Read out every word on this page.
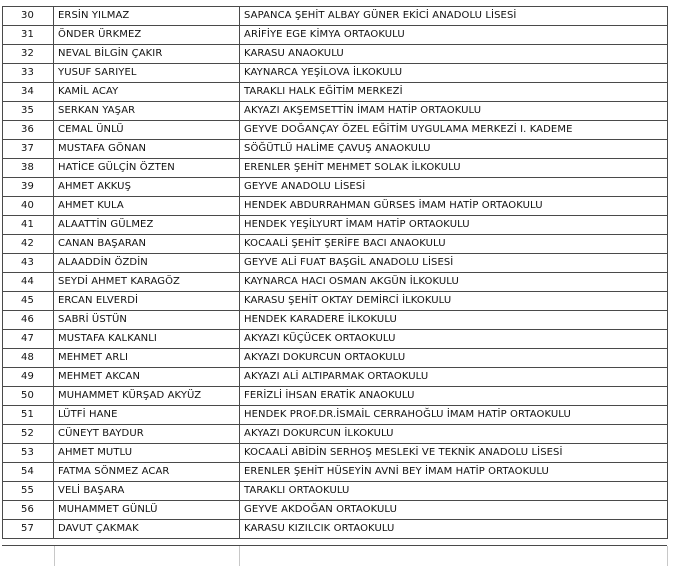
30	ERSİN YILMAZ	SAPANCA ŞEHİT ALBAY GÜNER EKİCİ ANADOLU LİSESİ
31	ÖNDER ÜRKMEZ	ARİFİYE EGE KİMYA ORTAOKULU
32	NEVAL BİLGİN ÇAKIR	KARASU ANAOKULU
33	YUSUF SARIYEL	KAYNARCA YEŞİLOVA İLKOKULU
34	KAMİL ACAY	TARAKLI HALK EĞİTİM MERKEZİ
35	SERKAN YAŞAR	AKYAZI AKŞEMSETTİN İMAM HATİP ORTAOKULU
36	CEMAL ÜNLÜ	GEYVE DOĞANÇAY ÖZEL EĞİTİM UYGULAMA MERKEZİ I. KADEME
37	MUSTAFA GÖNAN	SÖĞÜTLÜ HALİME ÇAVUŞ ANAOKULU
38	HATİCE GÜLÇİN ÖZTEN	ERENLER ŞEHİT MEHMET SOLAK İLKOKULU
39	AHMET AKKUŞ	GEYVE ANADOLU LİSESİ
40	AHMET KULA	HENDEK ABDURRAHMAN GÜRSES İMAM HATİP ORTAOKULU
41	ALAATTİN GÜLMEZ	HENDEK YEŞİLYURT İMAM HATİP ORTAOKULU
42	CANAN BAŞARAN	KOCAALİ ŞEHİT ŞERİFE BACI ANAOKULU
43	ALAADDİN ÖZDİN	GEYVE ALİ FUAT BAŞGİL ANADOLU LİSESİ
44	SEYDİ AHMET KARAGÖZ	KAYNARCA HACI OSMAN AKGÜN İLKOKULU
45	ERCAN ELVERDİ	KARASU ŞEHİT OKTAY DEMİRCİ İLKOKULU
46	SABRİ ÜSTÜN	HENDEK KARADERE İLKOKULU
47	MUSTAFA KALKANLI	AKYAZI KÜÇÜCEK ORTAOKULU
48	MEHMET ARLI	AKYAZI DOKURCUN ORTAOKULU
49	MEHMET AKCAN	AKYAZI ALİ ALTIPARMAK ORTAOKULU
50	MUHAMMET KÜRŞAD AKYÜZ	FERİZLİ İHSAN ERATİK ANAOKULU
51	LÜTFİ HANE	HENDEK PROF.DR.İSMAİL CERRAHOĞLU İMAM HATİP ORTAOKULU
52	CÜNEYT BAYDUR	AKYAZI DOKURCUN İLKOKULU
53	AHMET MUTLU	KOCAALİ ABİDİN SERHOŞ MESLEKİ VE TEKNİK ANADOLU LİSESİ
54	FATMA SÖNMEZ ACAR	ERENLER ŞEHİT HÜSEYİN AVNİ BEY İMAM HATİP ORTAOKULU
55	VELİ BAŞARA	TARAKLI ORTAOKULU
56	MUHAMMET GÜNLÜ	GEYVE AKDOĞAN ORTAOKULU
57	DAVUT ÇAKMAK	KARASU KIZILCIK ORTAOKULU
